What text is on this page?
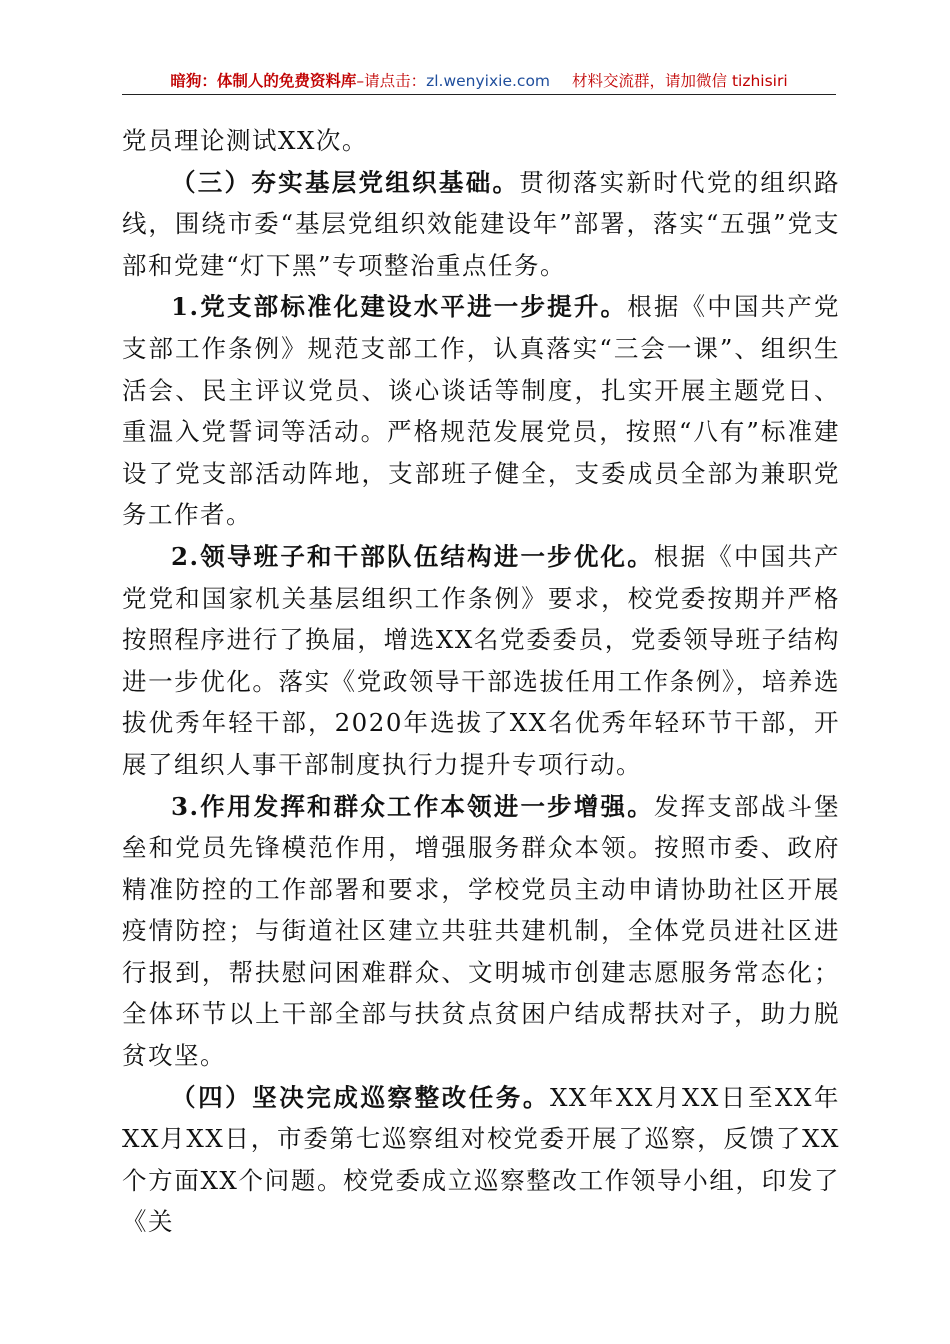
暗狗：体制人的免费资料库–请点击：zl.wenyixie.com 材料交流群，请加微信 tizhisiri

党员理论测试XX次。

（三）夯实基层党组织基础。贯彻落实新时代党的组织路线，围绕市委“基层党组织效能建设年”部署，落实“五强”党支部和党建“灯下黑”专项整治重点任务。

1.党支部标准化建设水平进一步提升。根据《中国共产党支部工作条例》规范支部工作，认真落实“三会一课”、组织生活会、民主评议党员、谈心谈话等制度，扎实开展主题党日、重温入党誓词等活动。严格规范发展党员，按照“八有”标准建设了党支部活动阵地，支部班子健全，支委成员全部为兼职党务工作者。

2.领导班子和干部队伍结构进一步优化。根据《中国共产党党和国家机关基层组织工作条例》要求，校党委按期并严格按照程序进行了换届，增选XX名党委委员，党委领导班子结构进一步优化。落实《党政领导干部选拔任用工作条例》，培养选拔优秀年轻干部，2020年选拔了XX名优秀年轻环节干部，开展了组织人事干部制度执行力提升专项行动。

3.作用发挥和群众工作本领进一步增强。发挥支部战斗堡垒和党员先锋模范作用，增强服务群众本领。按照市委、政府精准防控的工作部署和要求，学校党员主动申请协助社区开展疫情防控；与街道社区建立共驻共建机制，全体党员进社区进行报到，帮扶慰问困难群众、文明城市创建志愿服务常态化；全体环节以上干部全部与扶贫点贫困户结成帮扶对子，助力脱贫攻坚。

（四）坚决完成巡察整改任务。XX年XX月XX日至XX年XX月XX日，市委第七巡察组对校党委开展了巡察，反馈了XX个方面XX个问题。校党委成立巡察整改工作领导小组，印发了《关
